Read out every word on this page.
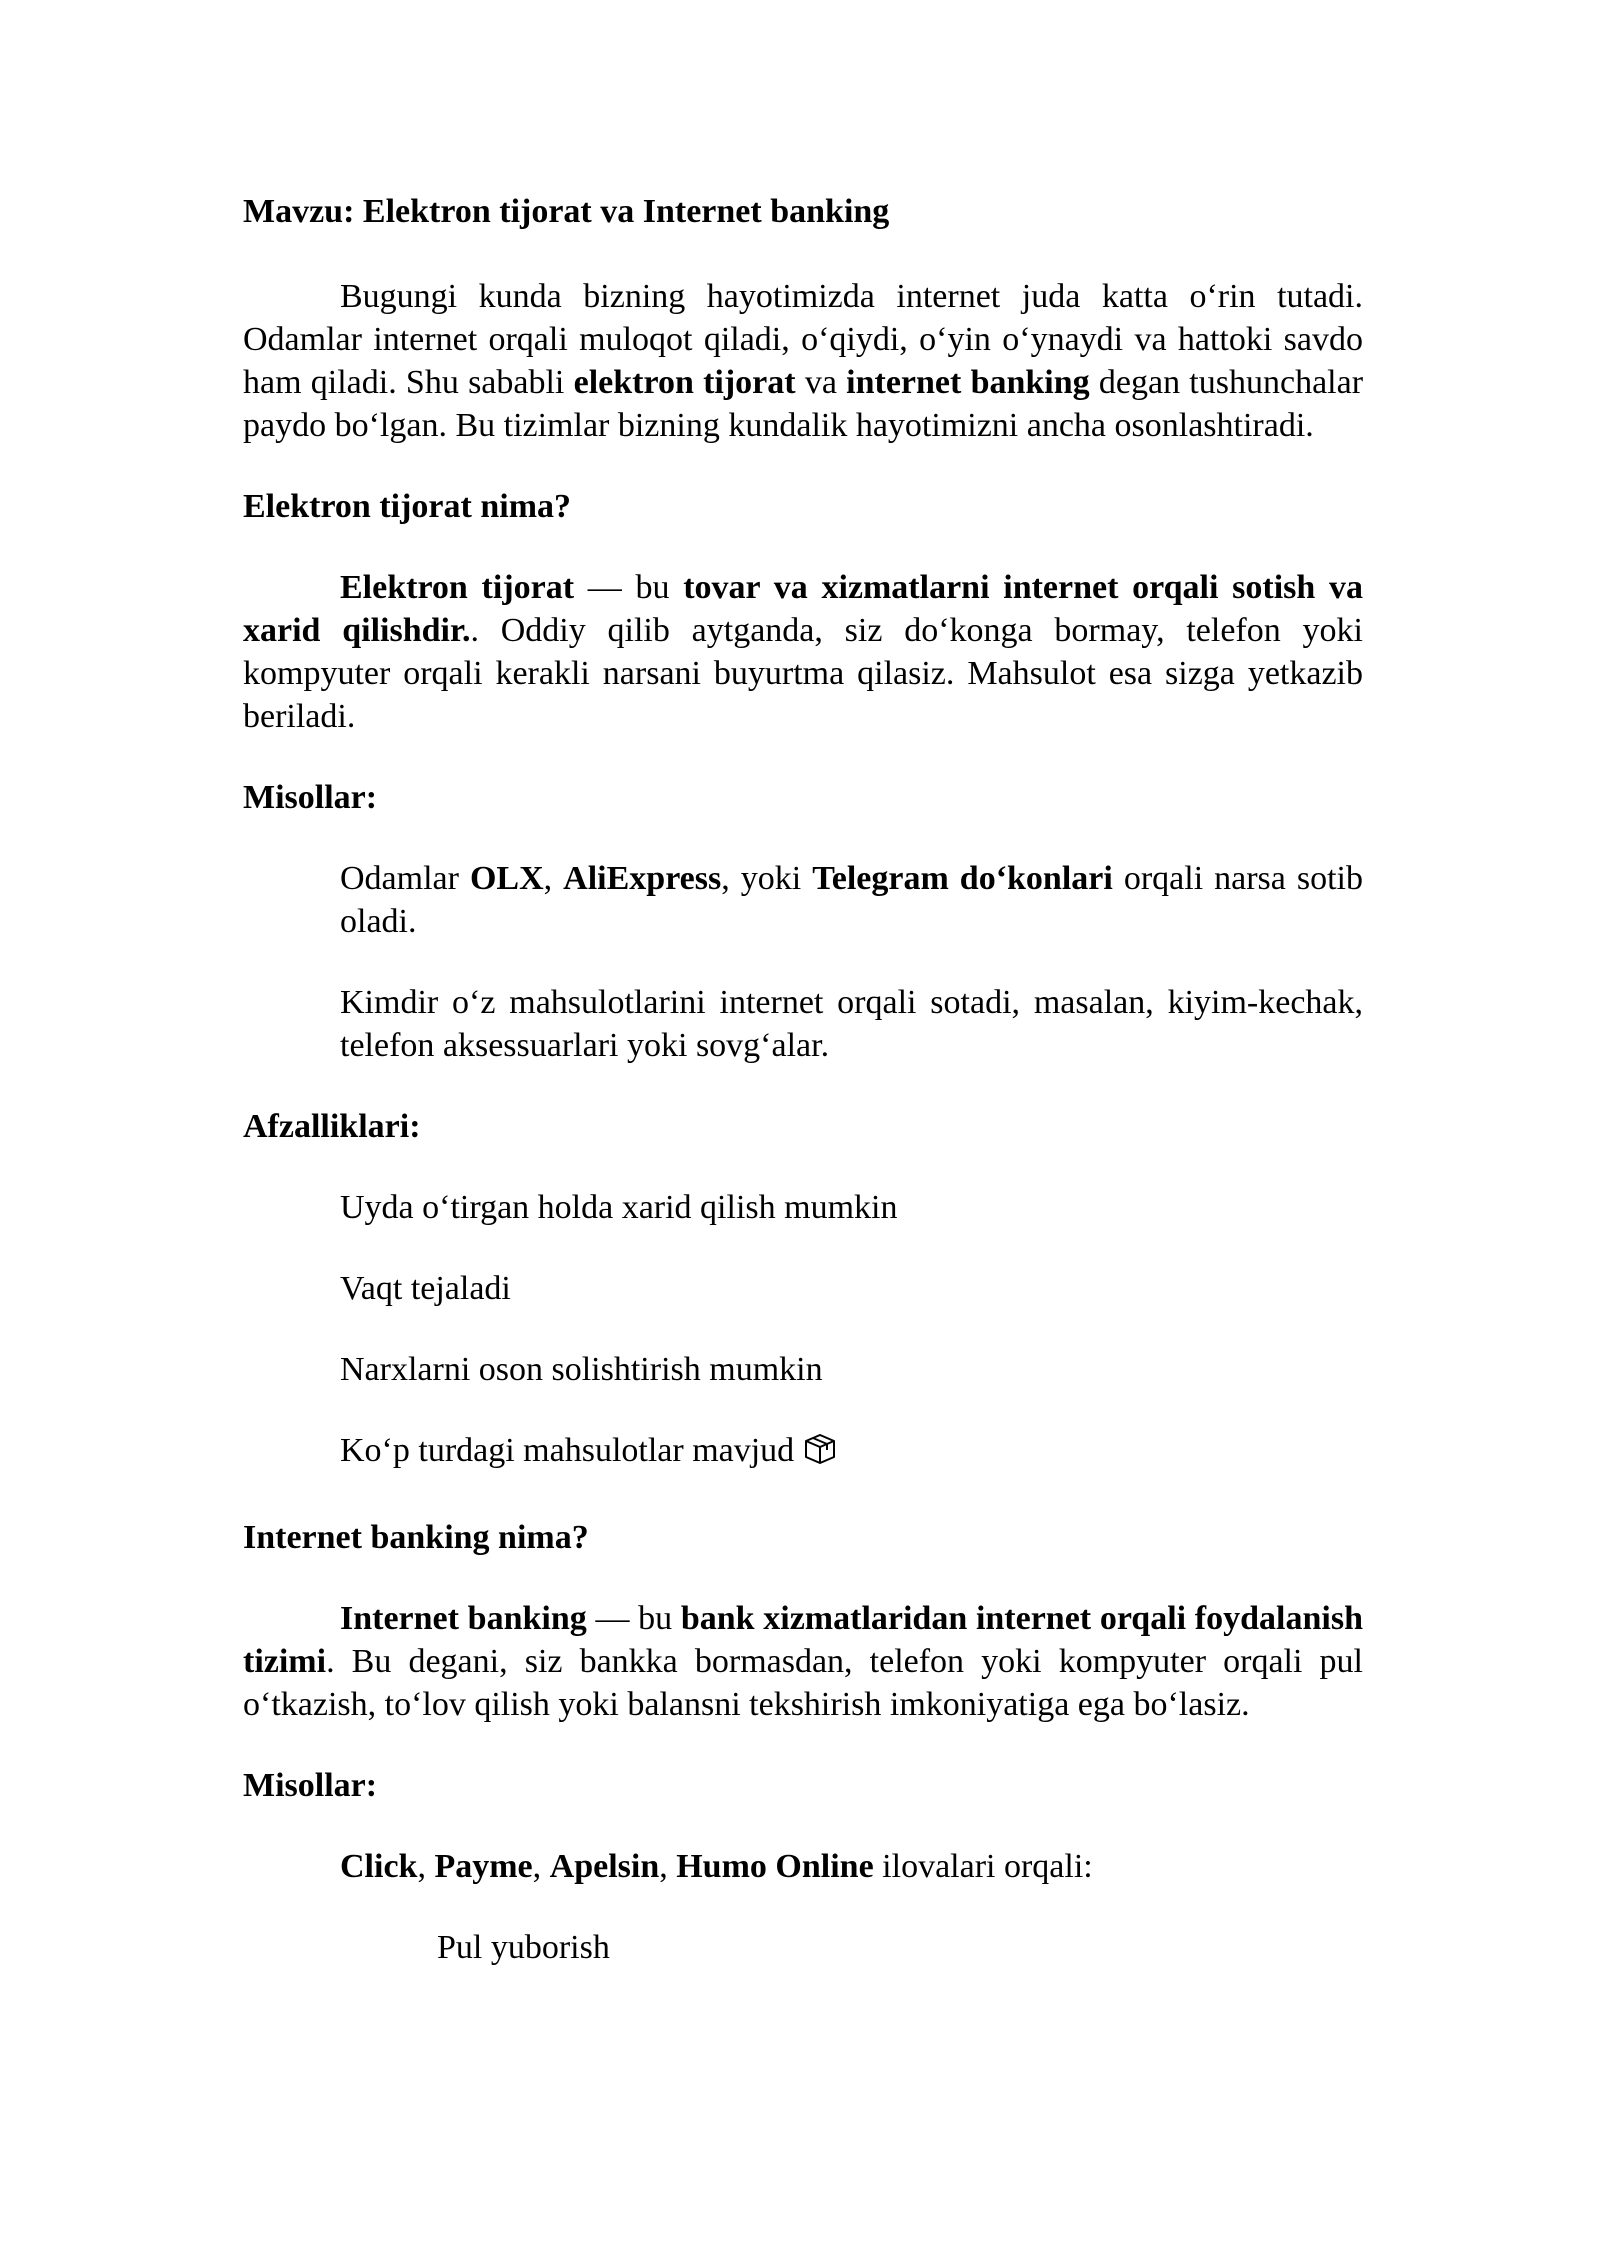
Mavzu: Elektron tijorat va Internet banking

Bugungi kunda bizning hayotimizda internet juda katta o‘rin tutadi. Odamlar internet orqali muloqot qiladi, o‘qiydi, o‘yin o‘ynaydi va hattoki savdo ham qiladi. Shu sababli elektron tijorat va internet banking degan tushunchalar paydo bo‘lgan. Bu tizimlar bizning kundalik hayotimizni ancha osonlashtiradi.

Elektron tijorat nima?

Elektron tijorat — bu tovar va xizmatlarni internet orqali sotish va xarid qilishdir.. Oddiy qilib aytganda, siz do‘konga bormay, telefon yoki kompyuter orqali kerakli narsani buyurtma qilasiz. Mahsulot esa sizga yetkazib beriladi.

Misollar:

Odamlar OLX, AliExpress, yoki Telegram do‘konlari orqali narsa sotib oladi.

Kimdir o‘z mahsulotlarini internet orqali sotadi, masalan, kiyim-kechak, telefon aksessuarlari yoki sovg‘alar.

Afzalliklari:

Uyda o‘tirgan holda xarid qilish mumkin

Vaqt tejaladi

Narxlarni oson solishtirish mumkin

Ko‘p turdagi mahsulotlar mavjud

Internet banking nima?

Internet banking — bu bank xizmatlaridan internet orqali foydalanish tizimi. Bu degani, siz bankka bormasdan, telefon yoki kompyuter orqali pul o‘tkazish, to‘lov qilish yoki balansni tekshirish imkoniyatiga ega bo‘lasiz.

Misollar:

Click, Payme, Apelsin, Humo Online ilovalari orqali:

Pul yuborish
